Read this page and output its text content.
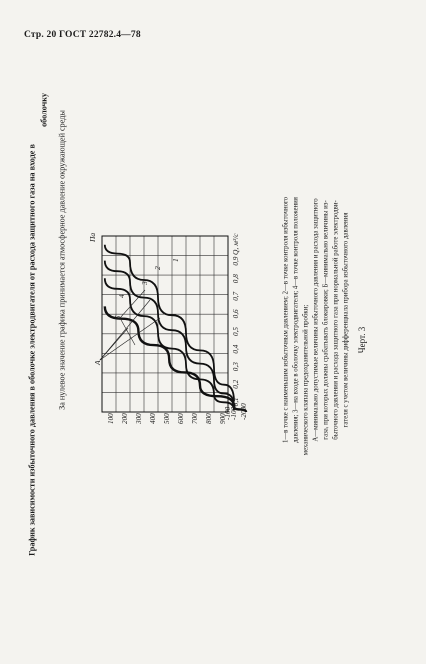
Стр. 20 ГОСТ 22782.4—78
График зависимости избыточного давления в оболочке электродвигателя от расхода защитного газа на входе в
оболочку
За нулевое значение графика принимается атмосферное давление окружающей среды
-1000 -2000
-100
100 200 300 400 500 600 700 800 900
0,1
0,2
0,3
0,4
0,5
0,6
0,7
0,8
0,9
Па	Q, м³/с
1
2
3
4
А
Б	1—в точке с наименьшим избыточным давлением; 2—в точке контроля избыточного давления; 3—на входе в оболочку электродвигателя; 4—в точке контроля положения механического клапана предохранительной пробки; А—минимально допустимые величины избыточного давления и расхода защитного газа, при которых должны срабатывать блокировки; Б—минимально величины из- быточного давления и расхода защитного газа при нормальной работе электродви- гателя с учетом величины дифференциала прибора избыточного давления Черт. 3
